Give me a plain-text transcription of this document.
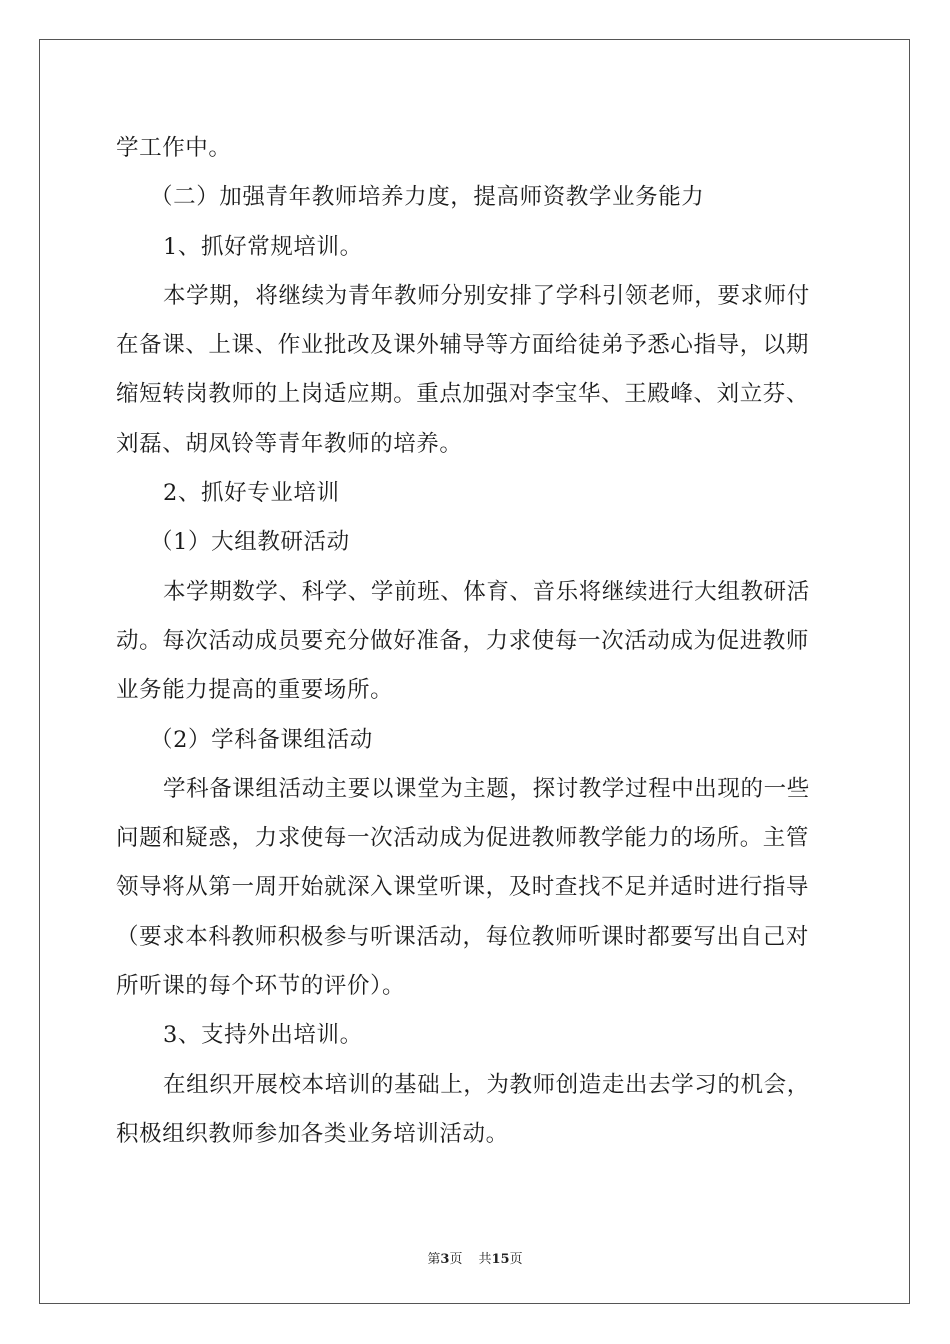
学工作中。
（二）加强青年教师培养力度，提高师资教学业务能力
1、抓好常规培训。
本学期，将继续为青年教师分别安排了学科引领老师，要求师付
在备课、上课、作业批改及课外辅导等方面给徒弟予悉心指导，以期
缩短转岗教师的上岗适应期。重点加强对李宝华、王殿峰、刘立芬、
刘磊、胡凤铃等青年教师的培养。
2、抓好专业培训
（1）大组教研活动
本学期数学、科学、学前班、体育、音乐将继续进行大组教研活
动。每次活动成员要充分做好准备，力求使每一次活动成为促进教师
业务能力提高的重要场所。
（2）学科备课组活动
学科备课组活动主要以课堂为主题，探讨教学过程中出现的一些
问题和疑惑，力求使每一次活动成为促进教师教学能力的场所。主管
领导将从第一周开始就深入课堂听课，及时查找不足并适时进行指导
（要求本科教师积极参与听课活动，每位教师听课时都要写出自己对
所听课的每个环节的评价）。
3、支持外出培训。
在组织开展校本培训的基础上，为教师创造走出去学习的机会，
积极组织教师参加各类业务培训活动。
第3页 共15页
